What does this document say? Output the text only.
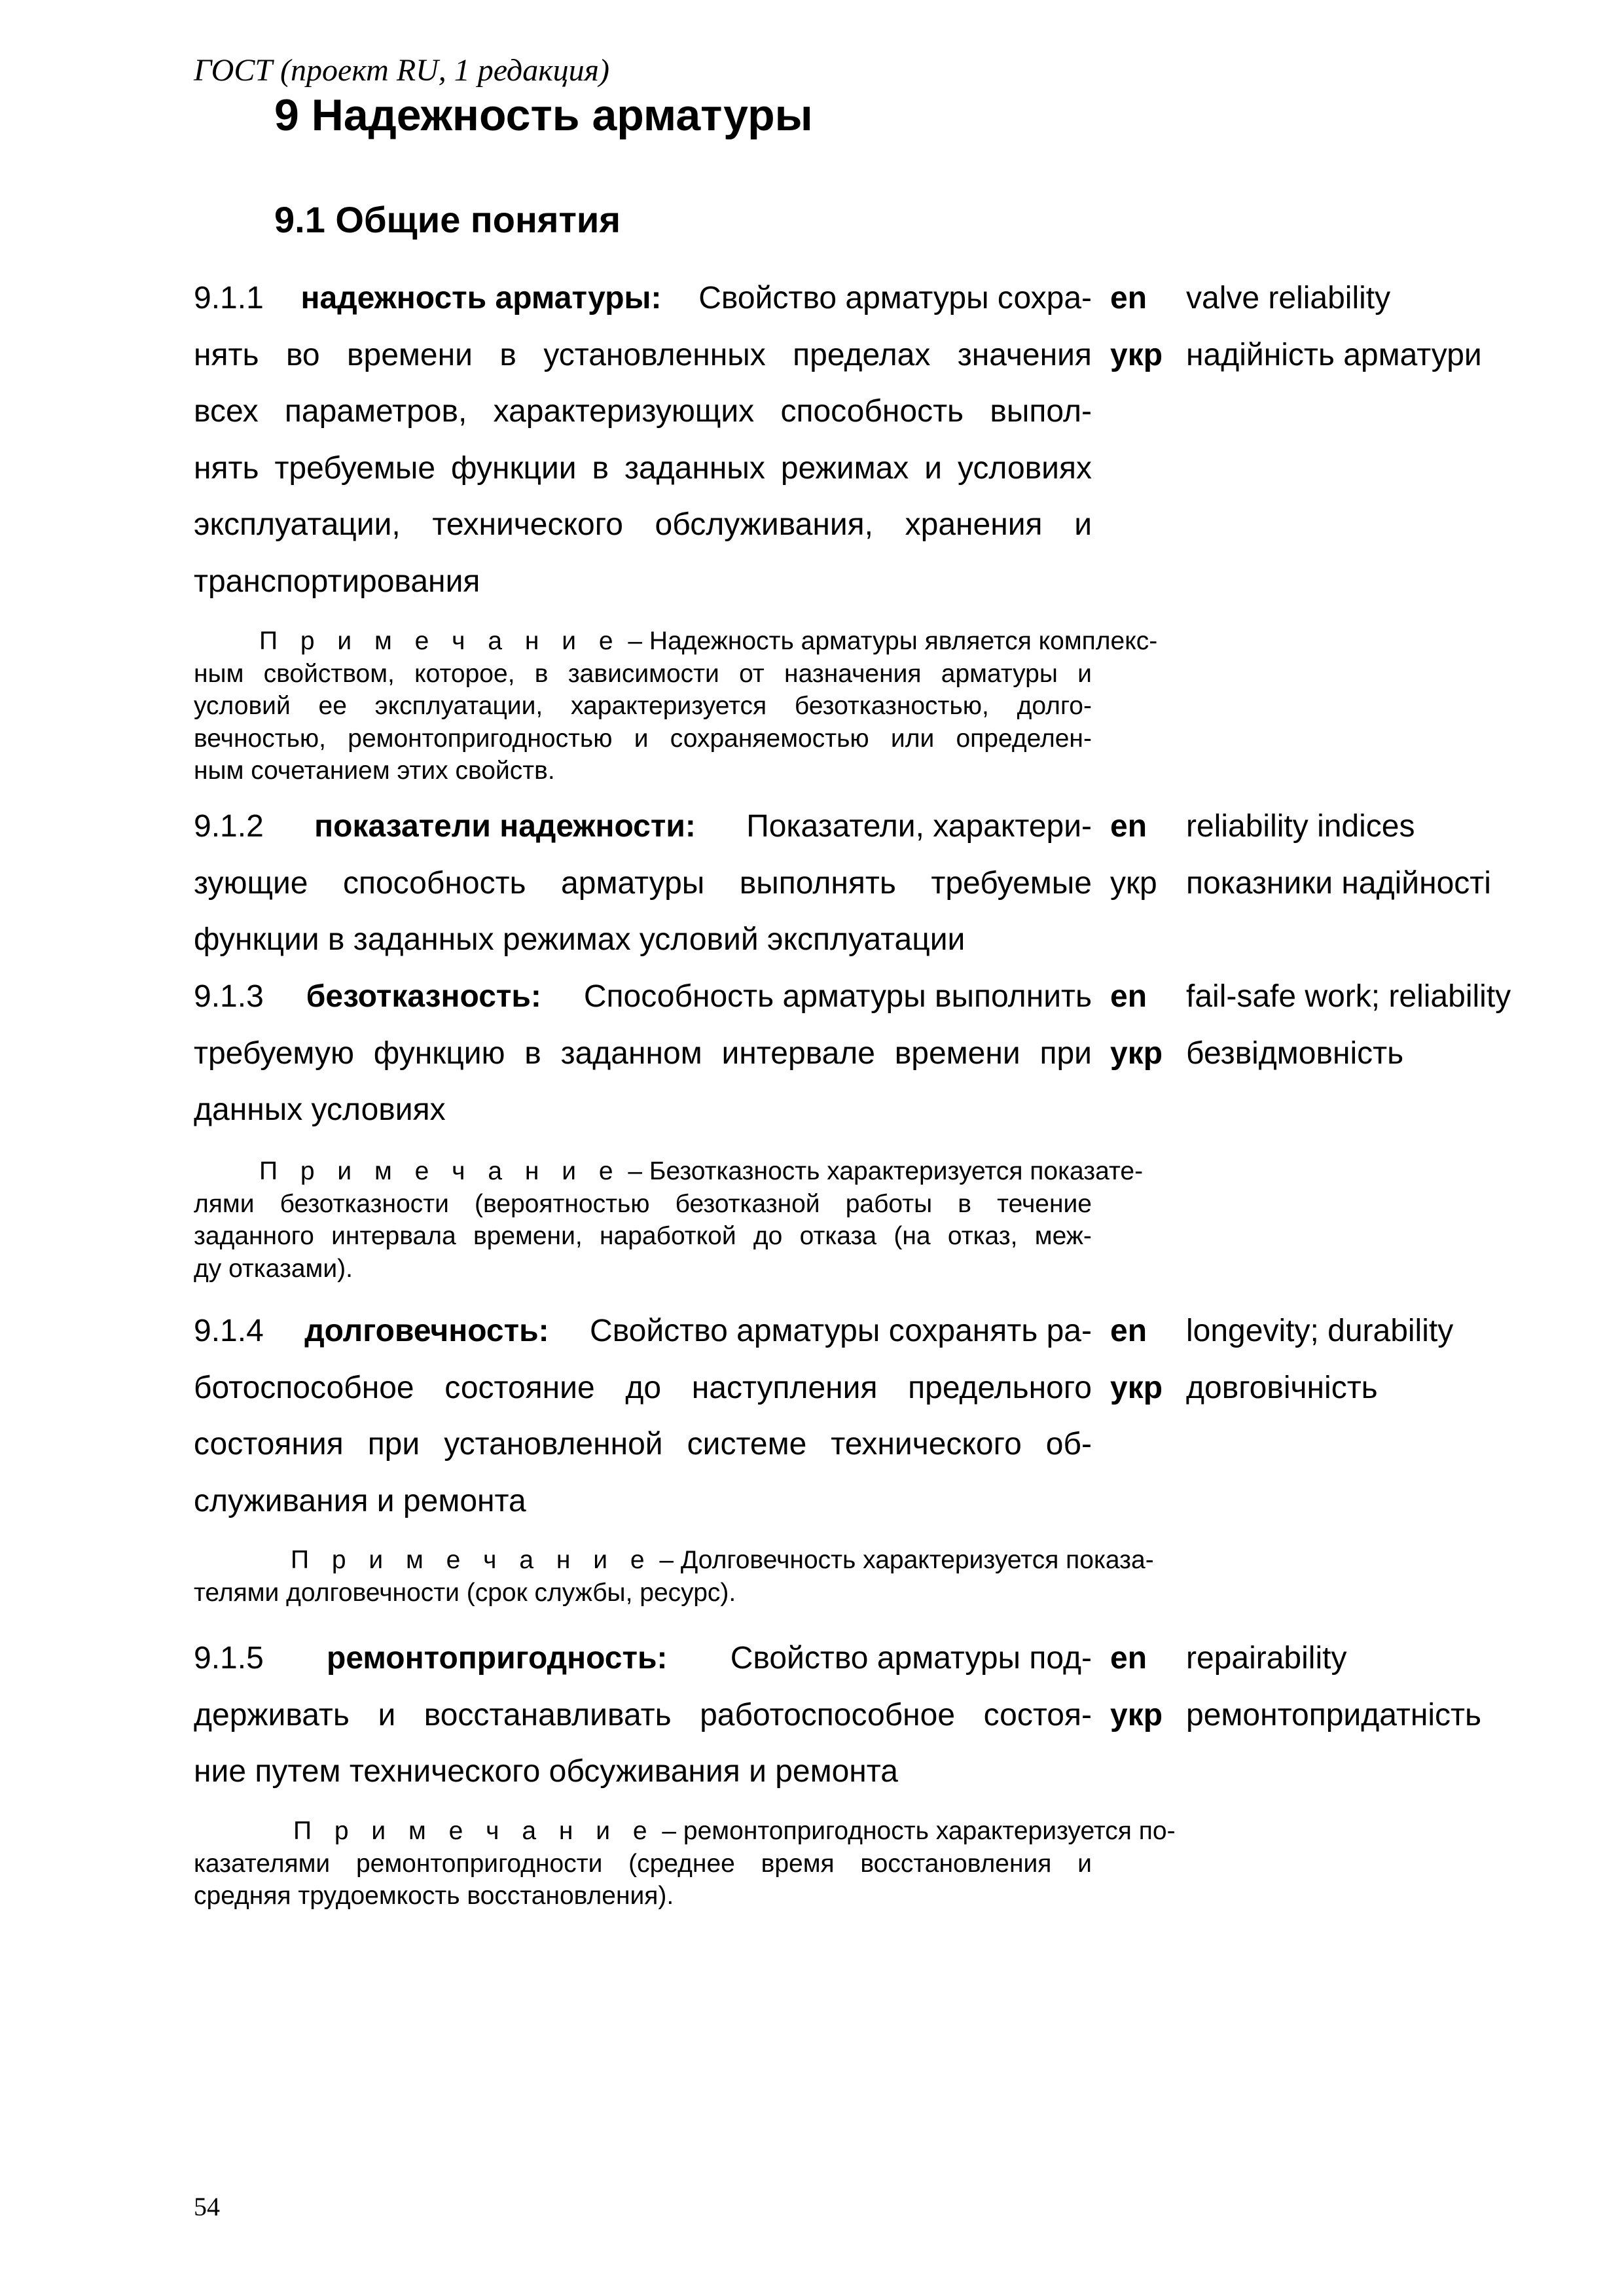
ГОСТ (проект RU, 1 редакция)
9 Надежность арматуры
9.1 Общие понятия
9.1.1 надежность арматуры: Свойство арматуры сохра- en valve reliability
нять во времени в установленных пределах значения укр надійність арматури
всех параметров, характеризующих способность выпол-
нять требуемые функции в заданных режимах и условиях
эксплуатации, технического обслуживания, хранения и
транспортирования
П р и м е ч а н и е – Надежность арматуры является комплекс-
ным свойством, которое, в зависимости от назначения арматуры и
условий ее эксплуатации, характеризуется безотказностью, долго-
вечностью, ремонтопригодностью и сохраняемостью или определен-
ным сочетанием этих свойств.
9.1.2 показатели надежности: Показатели, характери- en reliability indices
зующие способность арматуры выполнять требуемые укр показники надійності
функции в заданных режимах условий эксплуатации
9.1.3 безотказность: Способность арматуры выполнить en fail-safe work; reliability
требуемую функцию в заданном интервале времени при укр безвідмовність
данных условиях
П р и м е ч а н и е – Безотказность характеризуется показате-
лями безотказности (вероятностью безотказной работы в течение
заданного интервала времени, наработкой до отказа (на отказ, меж-
ду отказами).
9.1.4 долговечность: Свойство арматуры сохранять ра- en longevity; durability
ботоспособное состояние до наступления предельного укр довговічність
состояния при установленной системе технического об-
служивания и ремонта
П р и м е ч а н и е – Долговечность характеризуется показа-
телями долговечности (срок службы, ресурс).
9.1.5 ремонтопригодность: Свойство арматуры под- en repairability
держивать и восстанавливать работоспособное состоя- укр ремонтопридатність
ние путем технического обсуживания и ремонта
П р и м е ч а н и е – ремонтопригодность характеризуется по-
казателями ремонтопригодности (среднее время восстановления и
средняя трудоемкость восстановления).
54
